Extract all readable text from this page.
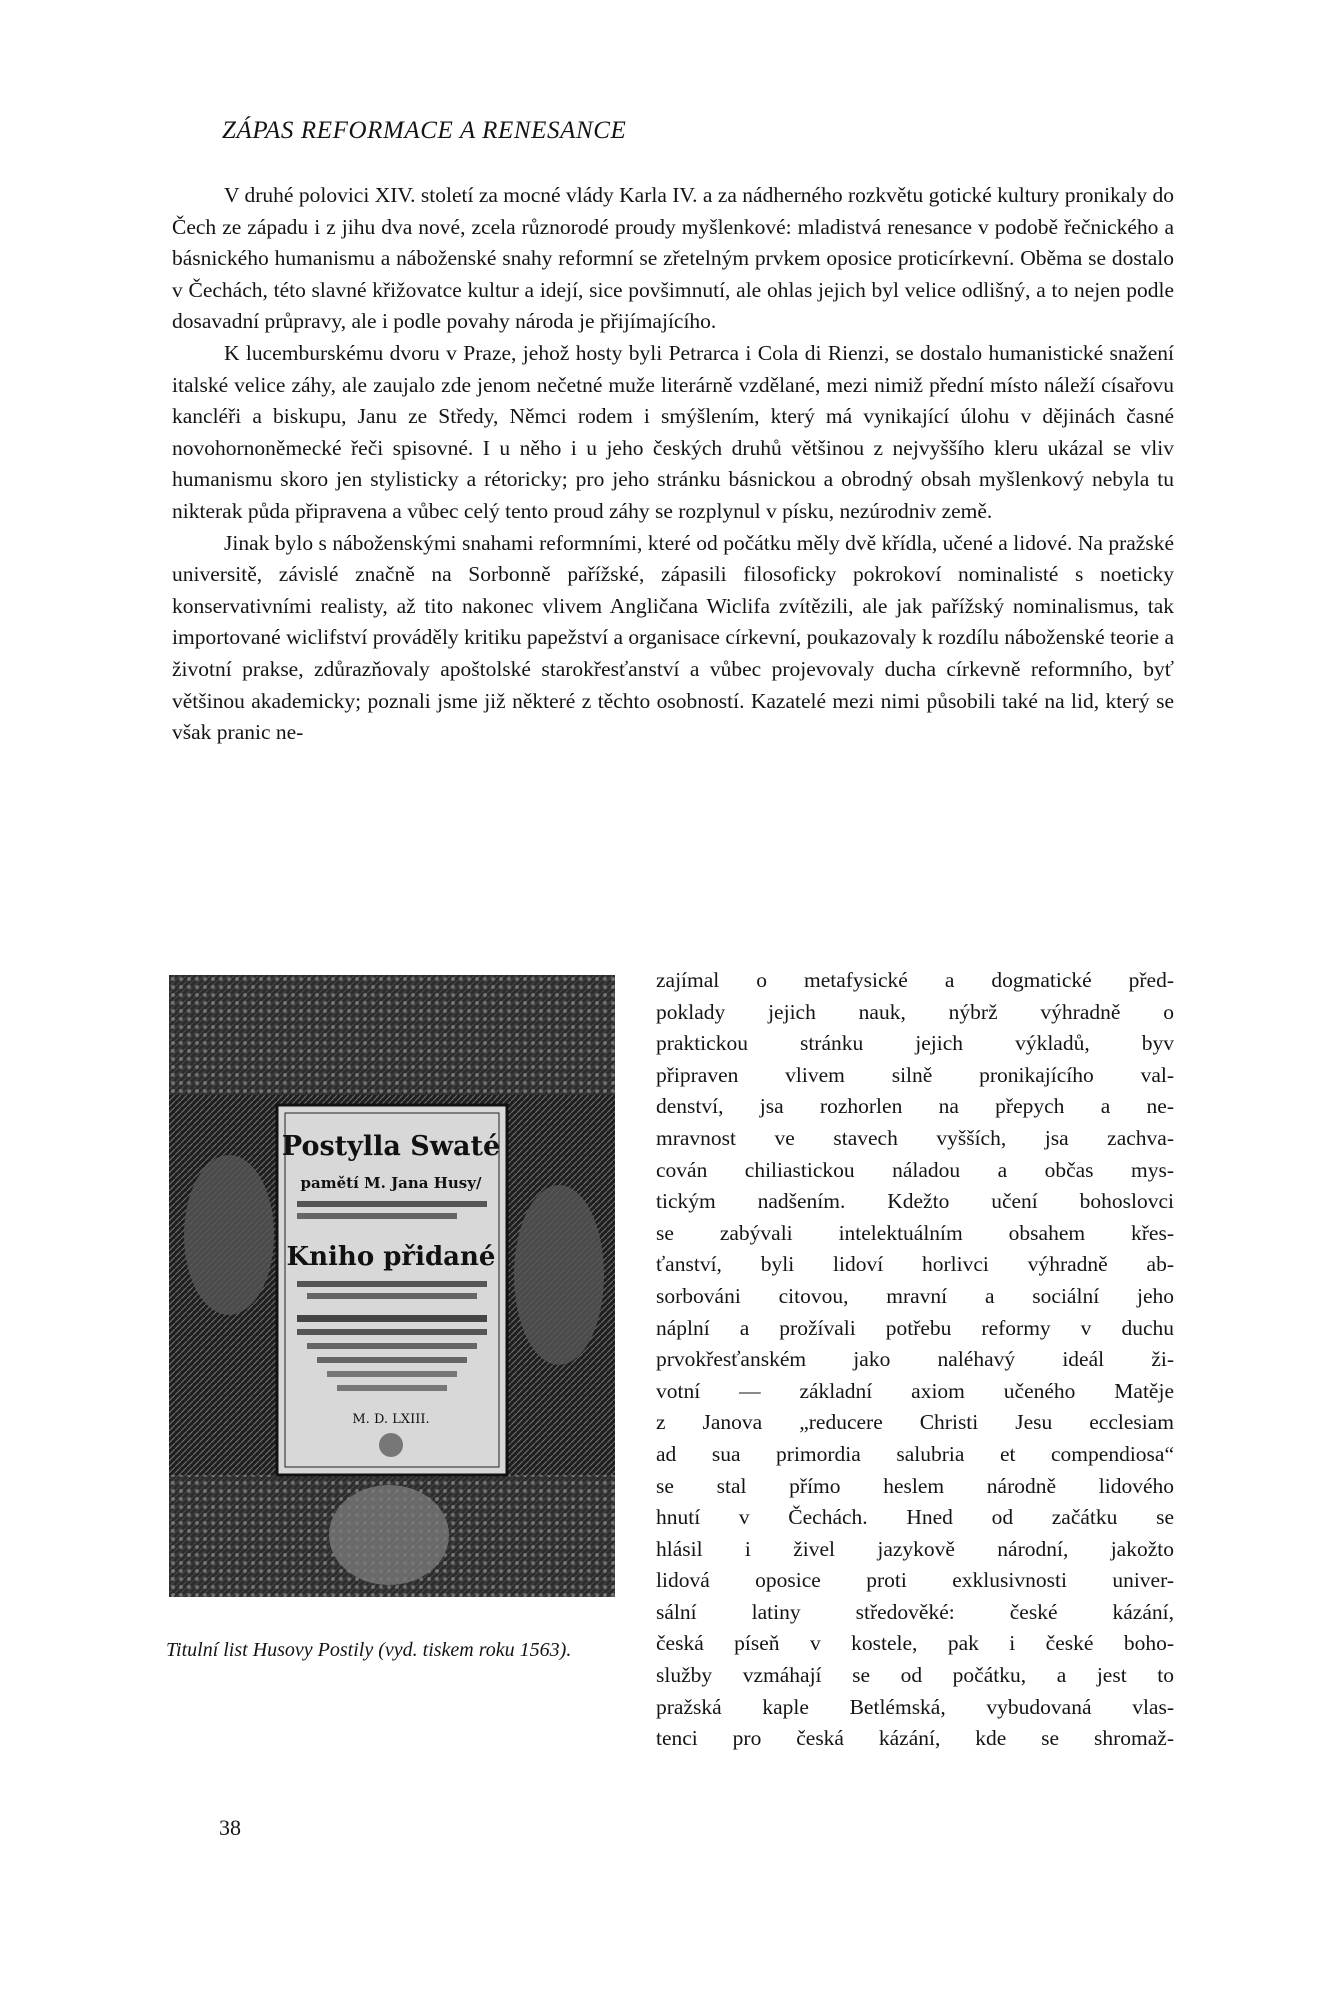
ZÁPAS REFORMACE A RENESANCE

V druhé polovici XIV. století za mocné vlády Karla IV. a za nádherného rozkvětu gotické kultury pronikaly do Čech ze západu i z jihu dva nové, zcela různorodé proudy myšlenkové: mladistvá renesance v podobě řečnického a básnického humanismu a náboženské snahy reformní se zřetelným prvkem oposice proticírkevní. Oběma se dostalo v Čechách, této slavné křižovatce kultur a idejí, sice povšimnutí, ale ohlas jejich byl velice odlišný, a to nejen podle dosavadní průpravy, ale i podle povahy národa je přijímajícího.

K lucemburskému dvoru v Praze, jehož hosty byli Petrarca i Cola di Rienzi, se dostalo humanistické snažení italské velice záhy, ale zaujalo zde jenom nečetné muže literárně vzdělané, mezi nimiž přední místo náleží císařovu kancléři a biskupu, Janu ze Středy, Němci rodem i smýšlením, který má vynikající úlohu v dějinách časné novohornoněmecké řeči spisovné. I u něho i u jeho českých druhů většinou z nejvyššího kleru ukázal se vliv humanismu skoro jen stylisticky a rétoricky; pro jeho stránku básnickou a obrodný obsah myšlenkový nebyla tu nikterak půda připravena a vůbec celý tento proud záhy se rozplynul v písku, nezúrodniv země.

Jinak bylo s náboženskými snahami reformními, které od počátku měly dvě křídla, učené a lidové. Na pražské universitě, závislé značně na Sorbonně pařížské, zápasili filosoficky pokrokoví nominalisté s noeticky konservativními realisty, až tito nakonec vlivem Angličana Wiclifa zvítězili, ale jak pařížský nominalismus, tak importované wiclifství prováděly kritiku papežství a organisace církevní, poukazovaly k rozdílu náboženské teorie a životní prakse, zdůrazňovaly apoštolské starokřesťanství a vůbec projevovaly ducha církevně reformního, byť většinou akademicky; poznali jsme již některé z těchto osobností. Kazatelé mezi nimi působili také na lid, který se však pranic ne-

Postylla Swaté
pamětí M. Jana Husy/
Kniho přidané
M. D. LXIII.
Titulní list Husovy Postily (vyd. tiskem roku 1563).
zajímal o metafysické a dogmatické před-
poklady jejich nauk, nýbrž výhradně o
praktickou stránku jejich výkladů, byv
připraven vlivem silně pronikajícího val-
denství, jsa rozhorlen na přepych a ne-
mravnost ve stavech vyšších, jsa zachva-
cován chiliastickou náladou a občas mys-
tickým nadšením. Kdežto učení bohoslovci
se zabývali intelektuálním obsahem křes-
ťanství, byli lidoví horlivci výhradně ab-
sorbováni citovou, mravní a sociální jeho
náplní a prožívali potřebu reformy v duchu
prvokřesťanském jako naléhavý ideál ži-
votní — základní axiom učeného Matěje
z Janova „reducere Christi Jesu ecclesiam
ad sua primordia salubria et compendiosa“
se stal přímo heslem národně lidového
hnutí v Čechách. Hned od začátku se
hlásil i živel jazykově národní, jakožto
lidová oposice proti exklusivnosti univer-
sální latiny středověké: české kázání,
česká píseň v kostele, pak i české boho-
služby vzmáhají se od počátku, a jest to
pražská kaple Betlémská, vybudovaná vlas-
tenci pro česká kázání, kde se shromaž-
38
